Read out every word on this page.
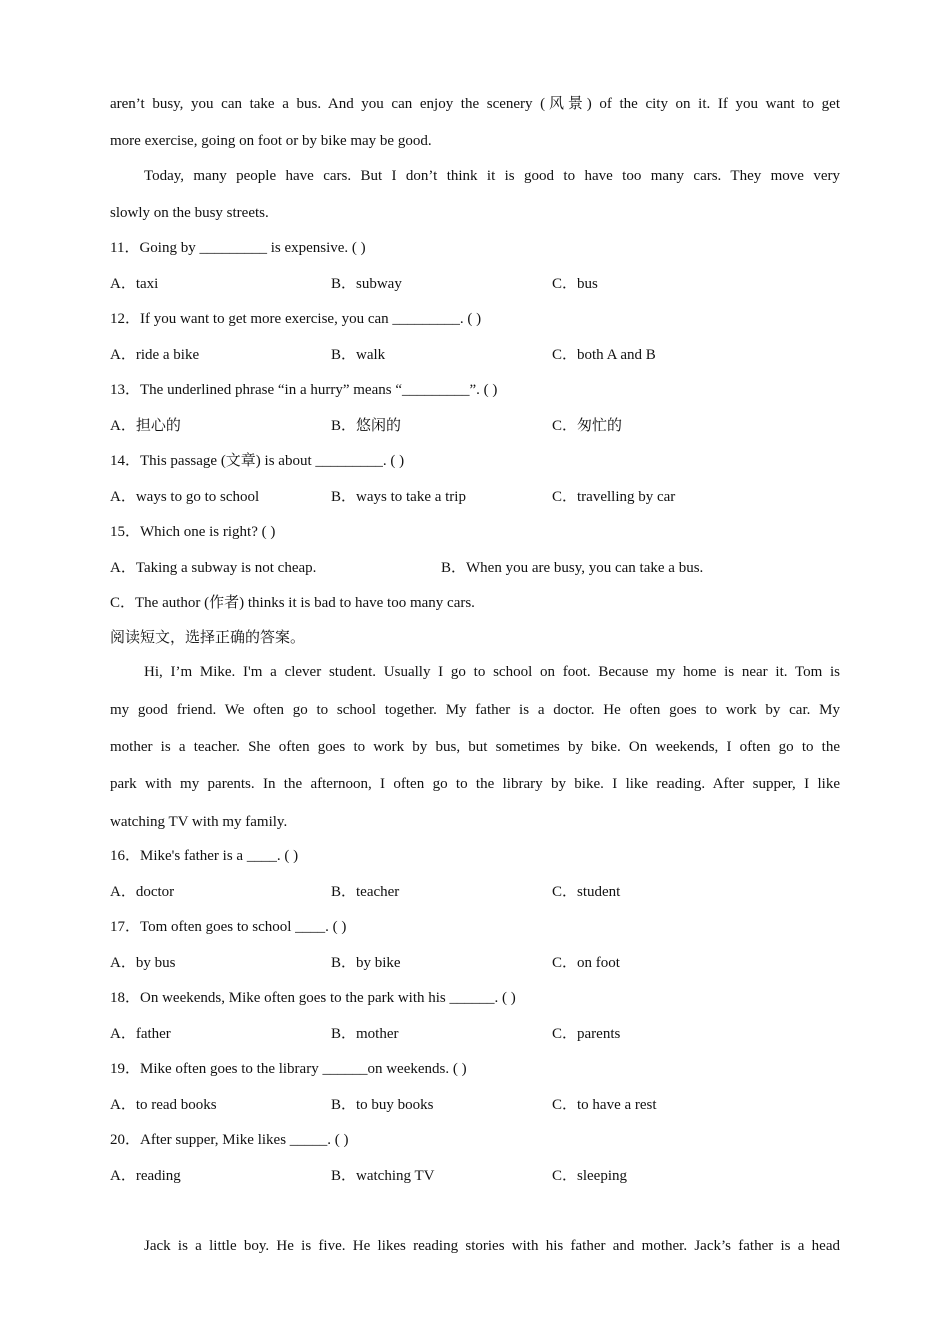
aren’t busy, you can take a bus. And you can enjoy the scenery (风景) of the city on it. If you want to get
more exercise, going on foot or by bike may be good.
Today, many people have cars. But I don’t think it is good to have too many cars. They move very
slowly on the busy streets.
11．Going by _________ is expensive. ( )
A．taxi	B．subway	C．bus
12．If you want to get more exercise, you can _________. ( )
A．ride a bike	B．walk	C．both A and B
13．The underlined phrase “in a hurry” means “_________”. ( )
A．担心的	B．悠闲的	C．匆忙的
14．This passage (文章) is about _________. ( )
A．ways to go to school	B．ways to take a trip	C．travelling by car
15．Which one is right? ( )
A．Taking a subway is not cheap.	B．When you are busy, you can take a bus.
C．The author (作者) thinks it is bad to have too many cars.
阅读短文，选择正确的答案。
Hi, I’m Mike. I'm a clever student. Usually I go to school on foot. Because my home is near it. Tom is
my good friend. We often go to school together. My father is a doctor. He often goes to work by car. My
mother is a teacher. She often goes to work by bus, but sometimes by bike. On weekends, I often go to the
park with my parents. In the afternoon, I often go to the library by bike. I like reading. After supper, I like
watching TV with my family.
16．Mike's father is a ____. ( )
A．doctor	B．teacher	C．student
17．Tom often goes to school ____. ( )
A．by bus	B．by bike	C．on foot
18．On weekends, Mike often goes to the park with his ______. ( )
A．father	B．mother	C．parents
19．Mike often goes to the library ______on weekends. ( )
A．to read books	B．to buy books	C．to have a rest
20．After supper, Mike likes _____. ( )
A．reading	B．watching TV	C．sleeping
Jack is a little boy. He is five. He likes reading stories with his father and mother. Jack’s father is a head
